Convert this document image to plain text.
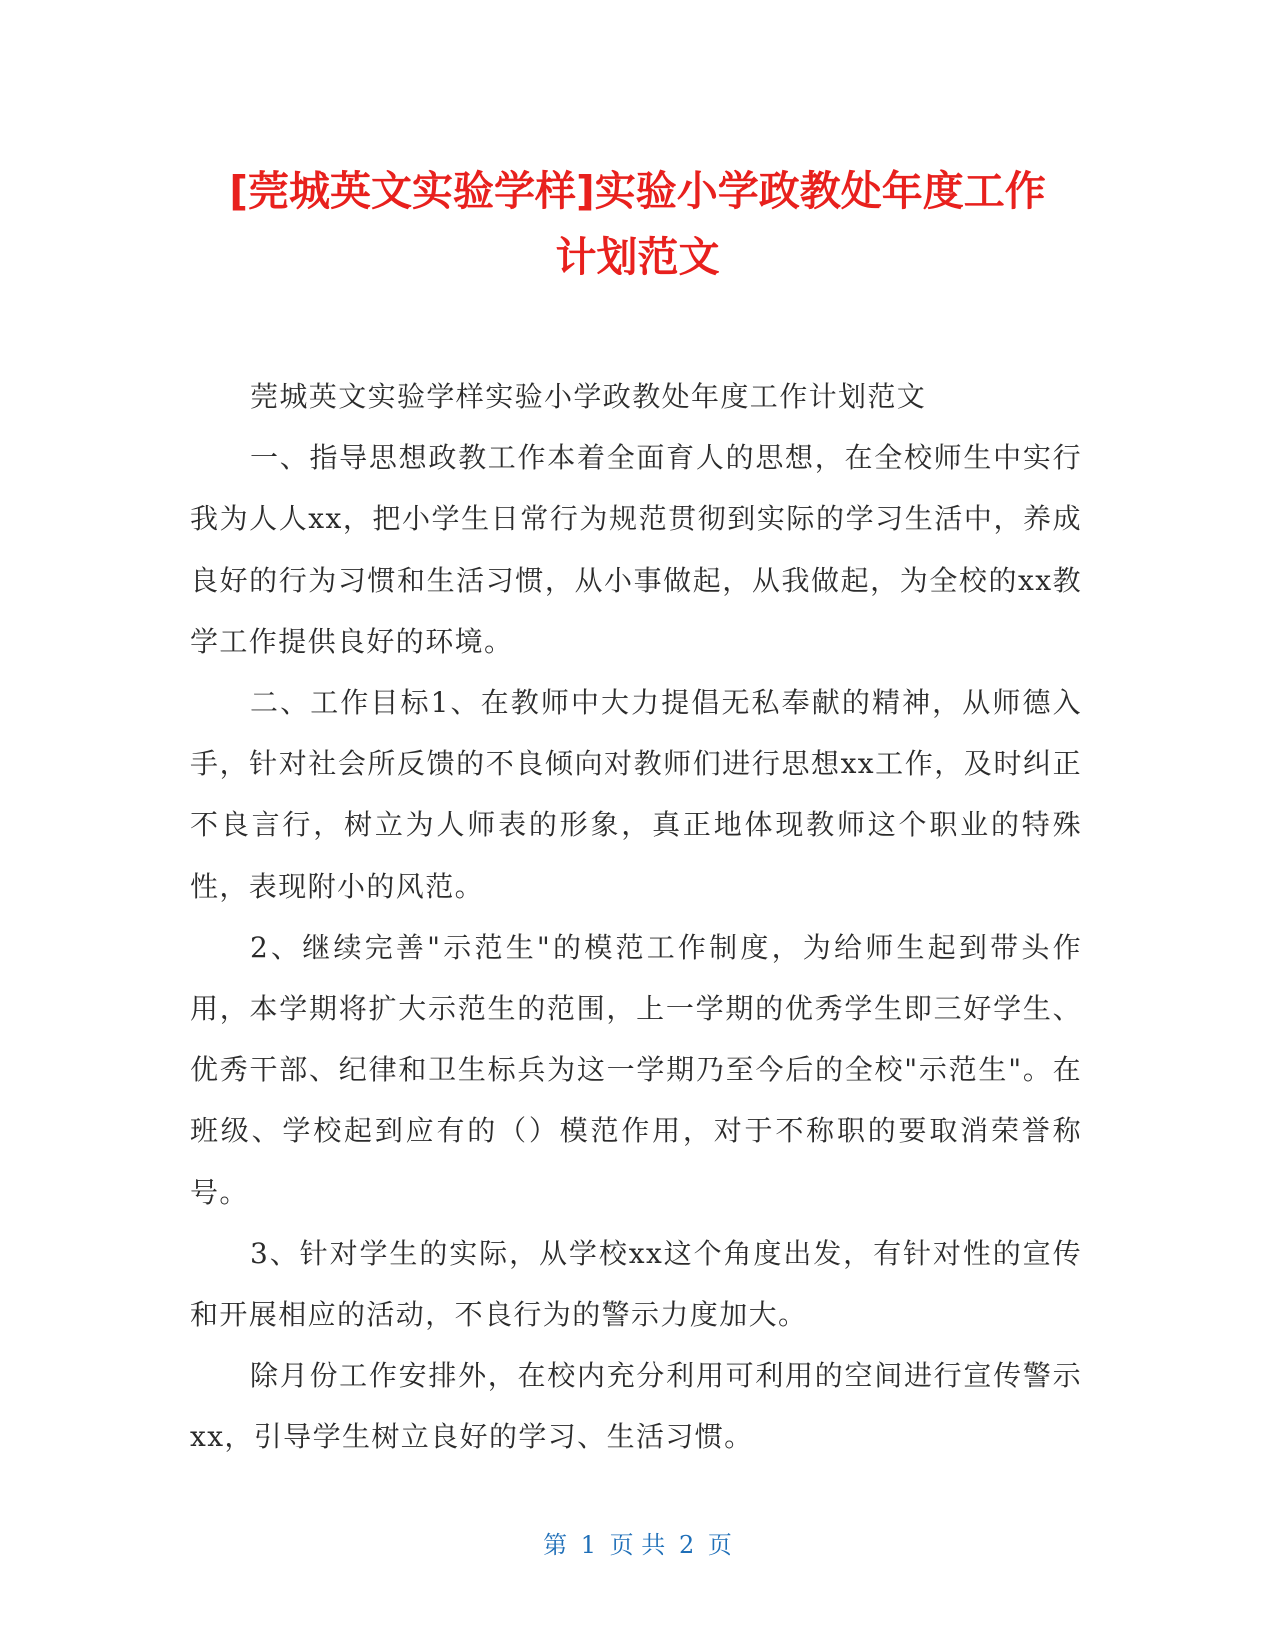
[莞城英文实验学样]实验小学政教处年度工作
计划范文

莞城英文实验学样实验小学政教处年度工作计划范文

一、指导思想政教工作本着全面育人的思想，在全校师生中实行我为人人xx，把小学生日常行为规范贯彻到实际的学习生活中，养成良好的行为习惯和生活习惯，从小事做起，从我做起，为全校的xx教学工作提供良好的环境。

二、工作目标1、在教师中大力提倡无私奉献的精神，从师德入手，针对社会所反馈的不良倾向对教师们进行思想xx工作，及时纠正不良言行，树立为人师表的形象，真正地体现教师这个职业的特殊性，表现附小的风范。

2、继续完善"示范生"的模范工作制度，为给师生起到带头作用，本学期将扩大示范生的范围，上一学期的优秀学生即三好学生、优秀干部、纪律和卫生标兵为这一学期乃至今后的全校"示范生"。在班级、学校起到应有的（）模范作用，对于不称职的要取消荣誉称号。

3、针对学生的实际，从学校xx这个角度出发，有针对性的宣传和开展相应的活动，不良行为的警示力度加大。

除月份工作安排外，在校内充分利用可利用的空间进行宣传警示xx，引导学生树立良好的学习、生活习惯。

第 1 页 共 2 页
